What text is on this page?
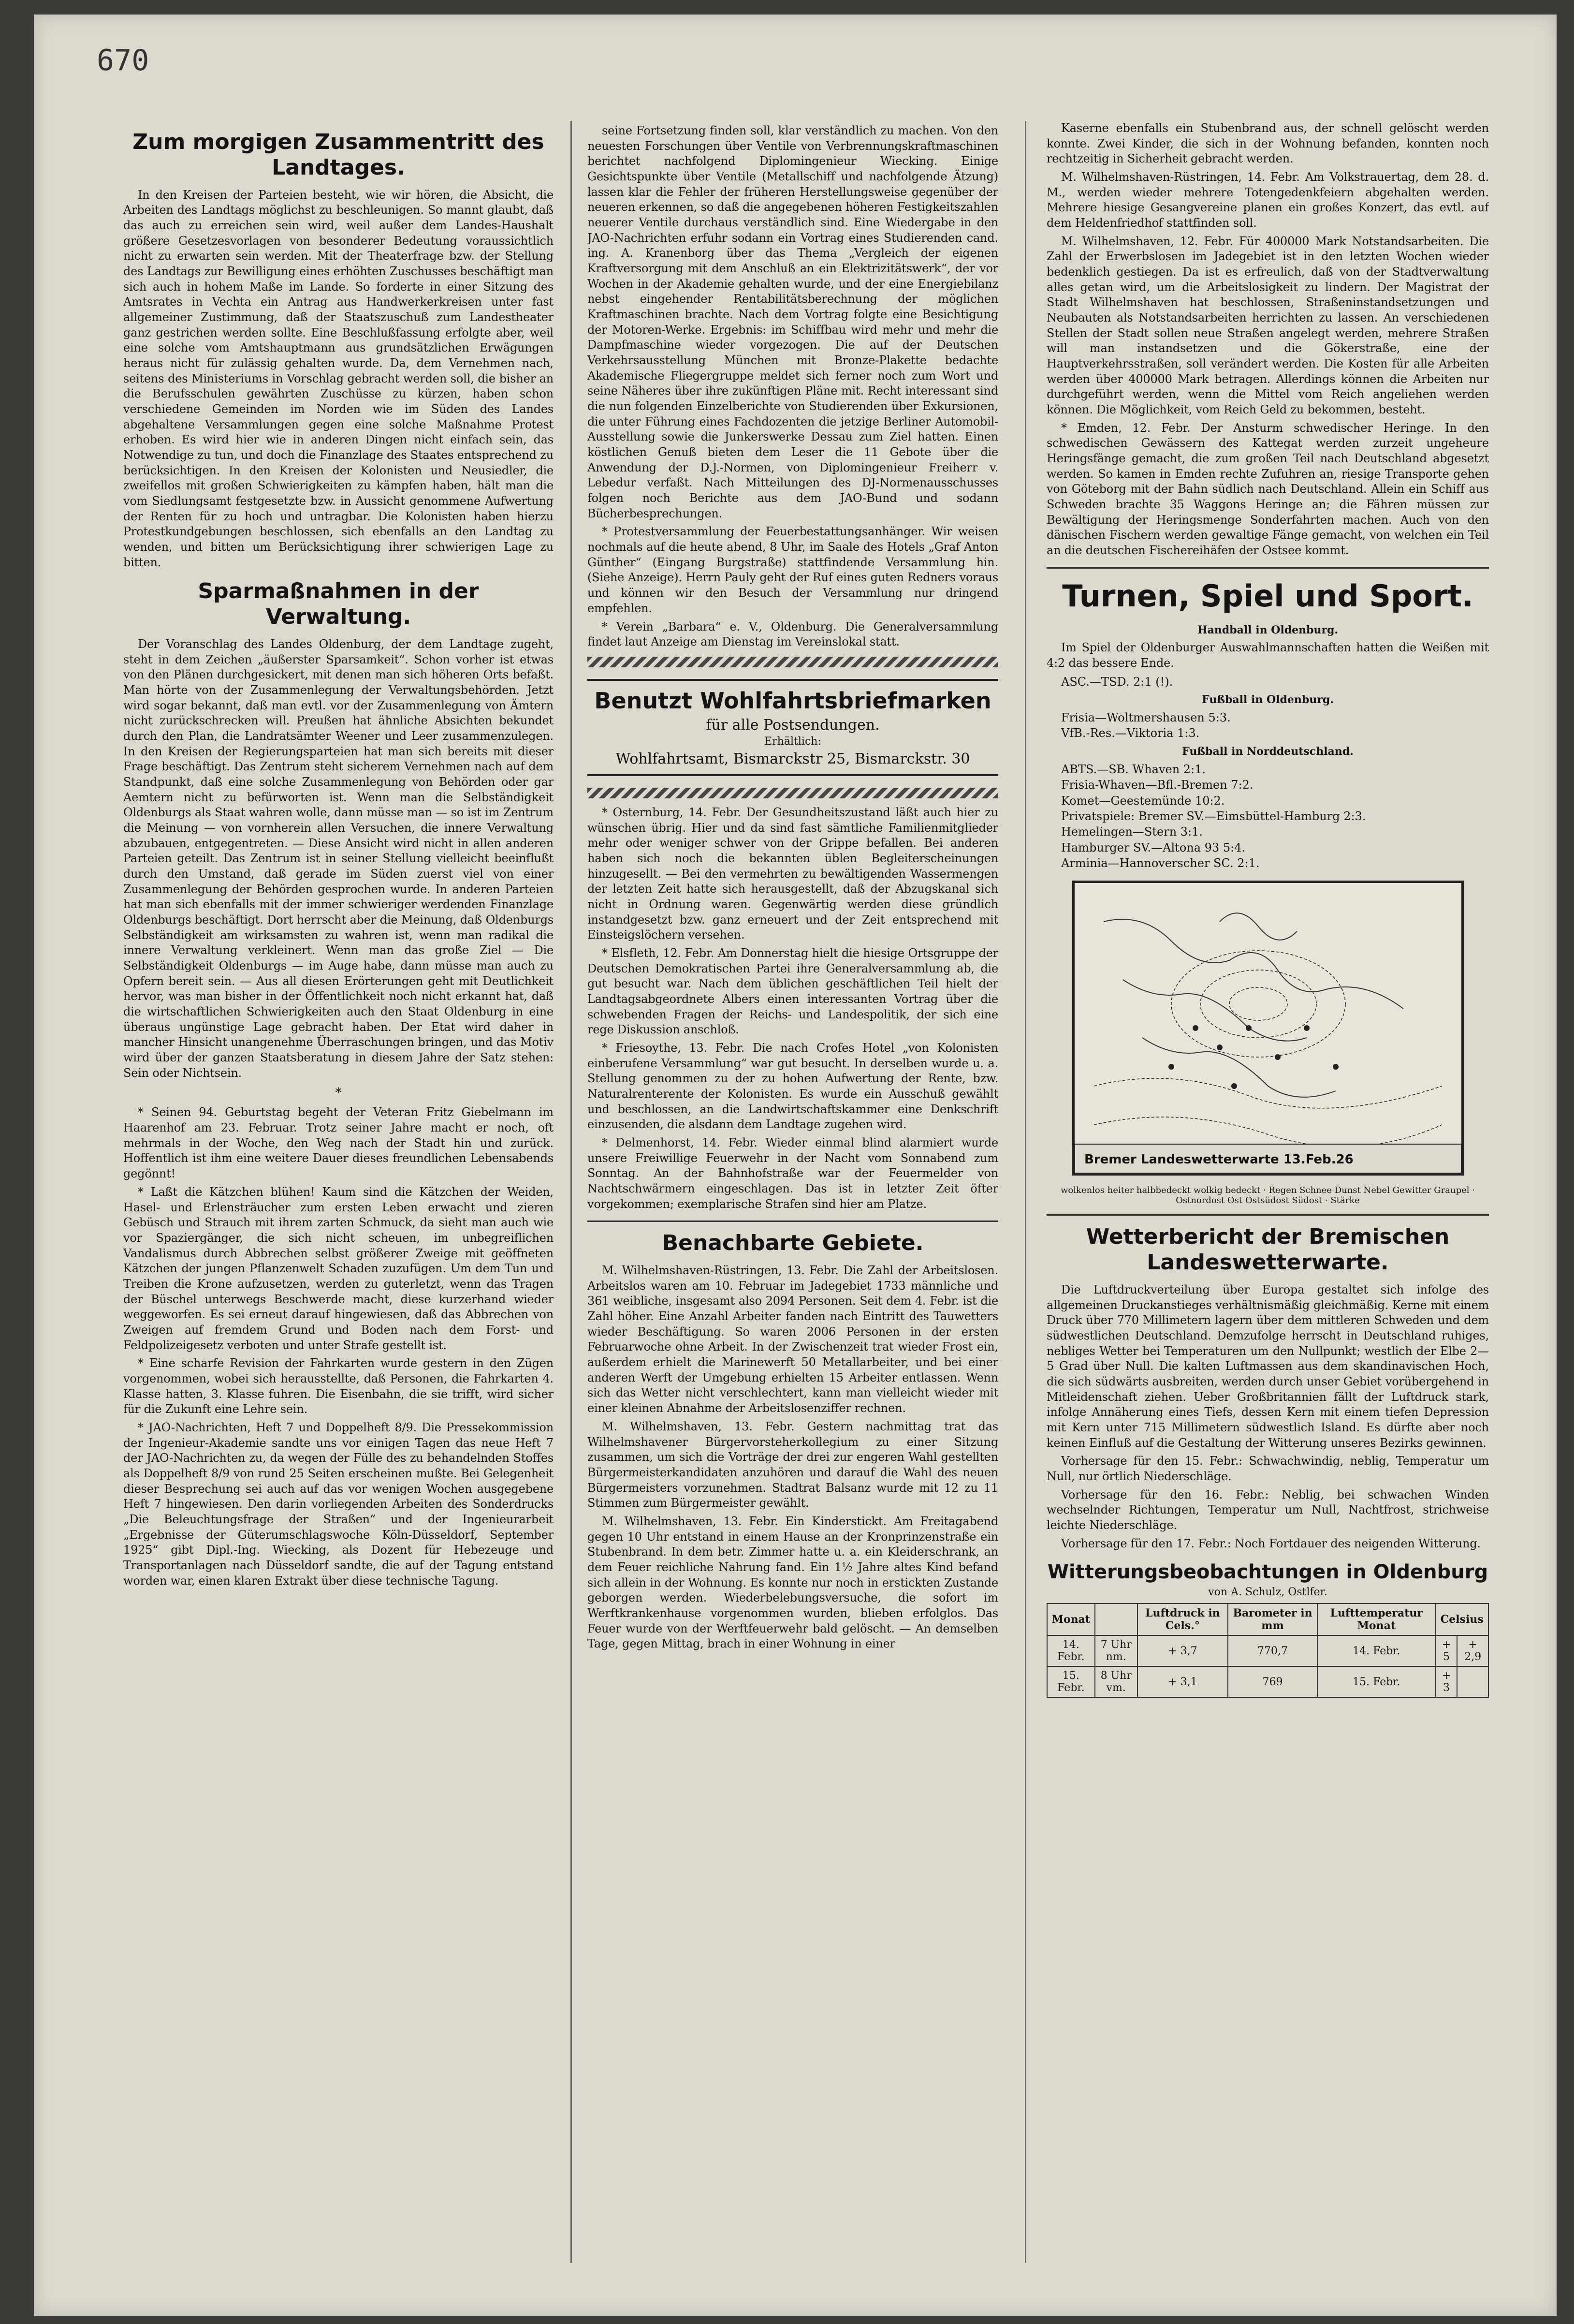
670
Zum morgigen Zusammentritt des Landtages.

In den Kreisen der Parteien besteht, wie wir hören, die Absicht, die Arbeiten des Landtags möglichst zu beschleunigen. So mannt glaubt, daß das auch zu erreichen sein wird, weil außer dem Landes-Haushalt größere Gesetzesvorlagen von besonderer Bedeutung voraussichtlich nicht zu erwarten sein werden. Mit der Theaterfrage bzw. der Stellung des Landtags zur Bewilligung eines erhöhten Zuschusses beschäftigt man sich auch in hohem Maße im Lande. So forderte in einer Sitzung des Amtsrates in Vechta ein Antrag aus Handwerkerkreisen unter fast allgemeiner Zustimmung, daß der Staatszuschuß zum Landestheater ganz gestrichen werden sollte. Eine Beschlußfassung erfolgte aber, weil eine solche vom Amtshauptmann aus grundsätzlichen Erwägungen heraus nicht für zulässig gehalten wurde. Da, dem Vernehmen nach, seitens des Ministeriums in Vorschlag gebracht werden soll, die bisher an die Berufsschulen gewährten Zuschüsse zu kürzen, haben schon verschiedene Gemeinden im Norden wie im Süden des Landes abgehaltene Versammlungen gegen eine solche Maßnahme Protest erhoben. Es wird hier wie in anderen Dingen nicht einfach sein, das Notwendige zu tun, und doch die Finanzlage des Staates entsprechend zu berücksichtigen. In den Kreisen der Kolonisten und Neusiedler, die zweifellos mit großen Schwierigkeiten zu kämpfen haben, hält man die vom Siedlungsamt festgesetzte bzw. in Aussicht genommene Aufwertung der Renten für zu hoch und untragbar. Die Kolonisten haben hierzu Protestkundgebungen beschlossen, sich ebenfalls an den Landtag zu wenden, und bitten um Berücksichtigung ihrer schwierigen Lage zu bitten.

Sparmaßnahmen in der Verwaltung.

Der Voranschlag des Landes Oldenburg, der dem Landtage zugeht, steht in dem Zeichen „äußerster Sparsamkeit“. Schon vorher ist etwas von den Plänen durchgesickert, mit denen man sich höheren Orts befaßt. Man hörte von der Zusammenlegung der Verwaltungsbehörden. Jetzt wird sogar bekannt, daß man evtl. vor der Zusammenlegung von Ämtern nicht zurückschrecken will. Preußen hat ähnliche Absichten bekundet durch den Plan, die Landratsämter Weener und Leer zusammenzulegen. In den Kreisen der Regierungsparteien hat man sich bereits mit dieser Frage beschäftigt. Das Zentrum steht sicherem Vernehmen nach auf dem Standpunkt, daß eine solche Zusammenlegung von Behörden oder gar Aemtern nicht zu befürworten ist. Wenn man die Selbständigkeit Oldenburgs als Staat wahren wolle, dann müsse man — so ist im Zentrum die Meinung — von vornherein allen Versuchen, die innere Verwaltung abzubauen, entgegentreten. — Diese Ansicht wird nicht in allen anderen Parteien geteilt. Das Zentrum ist in seiner Stellung vielleicht beeinflußt durch den Umstand, daß gerade im Süden zuerst viel von einer Zusammenlegung der Behörden gesprochen wurde. In anderen Parteien hat man sich ebenfalls mit der immer schwieriger werdenden Finanzlage Oldenburgs beschäftigt. Dort herrscht aber die Meinung, daß Oldenburgs Selbständigkeit am wirksamsten zu wahren ist, wenn man radikal die innere Verwaltung verkleinert. Wenn man das große Ziel — Die Selbständigkeit Oldenburgs — im Auge habe, dann müsse man auch zu Opfern bereit sein. — Aus all diesen Erörterungen geht mit Deutlichkeit hervor, was man bisher in der Öffentlichkeit noch nicht erkannt hat, daß die wirtschaftlichen Schwierigkeiten auch den Staat Oldenburg in eine überaus ungünstige Lage gebracht haben. Der Etat wird daher in mancher Hinsicht unangenehme Überraschungen bringen, und das Motiv wird über der ganzen Staatsberatung in diesem Jahre der Satz stehen: Sein oder Nichtsein.

*

* Seinen 94. Geburtstag begeht der Veteran Fritz Giebelmann im Haarenhof am 23. Februar. Trotz seiner Jahre macht er noch, oft mehrmals in der Woche, den Weg nach der Stadt hin und zurück. Hoffentlich ist ihm eine weitere Dauer dieses freundlichen Lebensabends gegönnt!

* Laßt die Kätzchen blühen! Kaum sind die Kätzchen der Weiden, Hasel- und Erlensträucher zum ersten Leben erwacht und zieren Gebüsch und Strauch mit ihrem zarten Schmuck, da sieht man auch wie vor Spaziergänger, die sich nicht scheuen, im unbegreiflichen Vandalismus durch Abbrechen selbst größerer Zweige mit geöffneten Kätzchen der jungen Pflanzenwelt Schaden zuzufügen. Um dem Tun und Treiben die Krone aufzusetzen, werden zu guterletzt, wenn das Tragen der Büschel unterwegs Beschwerde macht, diese kurzerhand wieder weggeworfen. Es sei erneut darauf hingewiesen, daß das Abbrechen von Zweigen auf fremdem Grund und Boden nach dem Forst- und Feldpolizeigesetz verboten und unter Strafe gestellt ist.

* Eine scharfe Revision der Fahrkarten wurde gestern in den Zügen vorgenommen, wobei sich herausstellte, daß Personen, die Fahrkarten 4. Klasse hatten, 3. Klasse fuhren. Die Eisenbahn, die sie trifft, wird sicher für die Zukunft eine Lehre sein.

* JAO-Nachrichten, Heft 7 und Doppelheft 8/9. Die Pressekommission der Ingenieur-Akademie sandte uns vor einigen Tagen das neue Heft 7 der JAO-Nachrichten zu, da wegen der Fülle des zu behandelnden Stoffes als Doppelheft 8/9 von rund 25 Seiten erscheinen mußte. Bei Gelegenheit dieser Besprechung sei auch auf das vor wenigen Wochen ausgegebene Heft 7 hingewiesen. Den darin vorliegenden Arbeiten des Sonderdrucks „Die Beleuchtungsfrage der Straßen“ und der Ingenieurarbeit „Ergebnisse der Güterumschlagswoche Köln-Düsseldorf, September 1925“ gibt Dipl.-Ing. Wiecking, als Dozent für Hebezeuge und Transportanlagen nach Düsseldorf sandte, die auf der Tagung entstand worden war, einen klaren Extrakt über diese technische Tagung.

seine Fortsetzung finden soll, klar verständlich zu machen. Von den neuesten Forschungen über Ventile von Verbrennungskraftmaschinen berichtet nachfolgend Diplomingenieur Wiecking. Einige Gesichtspunkte über Ventile (Metallschiff und nachfolgende Ätzung) lassen klar die Fehler der früheren Herstellungsweise gegenüber der neueren erkennen, so daß die angegebenen höheren Festigkeitszahlen neuerer Ventile durchaus verständlich sind. Eine Wiedergabe in den JAO-Nachrichten erfuhr sodann ein Vortrag eines Studierenden cand. ing. A. Kranenborg über das Thema „Vergleich der eigenen Kraftversorgung mit dem Anschluß an ein Elektrizitätswerk“, der vor Wochen in der Akademie gehalten wurde, und der eine Energiebilanz nebst eingehender Rentabilitätsberechnung der möglichen Kraftmaschinen brachte. Nach dem Vortrag folgte eine Besichtigung der Motoren-Werke. Ergebnis: im Schiffbau wird mehr und mehr die Dampfmaschine wieder vorgezogen. Die auf der Deutschen Verkehrsausstellung München mit Bronze-Plakette bedachte Akademische Fliegergruppe meldet sich ferner noch zum Wort und seine Näheres über ihre zukünftigen Pläne mit. Recht interessant sind die nun folgenden Einzelberichte von Studierenden über Exkursionen, die unter Führung eines Fachdozenten die jetzige Berliner Automobil-Ausstellung sowie die Junkerswerke Dessau zum Ziel hatten. Einen köstlichen Genuß bieten dem Leser die 11 Gebote über die Anwendung der D.J.-Normen, von Diplomingenieur Freiherr v. Lebedur verfaßt. Nach Mitteilungen des DJ-Normenausschusses folgen noch Berichte aus dem JAO-Bund und sodann Bücherbesprechungen.

* Protestversammlung der Feuerbestattungsanhänger. Wir weisen nochmals auf die heute abend, 8 Uhr, im Saale des Hotels „Graf Anton Günther“ (Eingang Burgstraße) stattfindende Versammlung hin. (Siehe Anzeige). Herrn Pauly geht der Ruf eines guten Redners voraus und können wir den Besuch der Versammlung nur dringend empfehlen.

* Verein „Barbara“ e. V., Oldenburg. Die Generalversammlung findet laut Anzeige am Dienstag im Vereinslokal statt.

Benutzt Wohlfahrtsbriefmarken
für alle Postsendungen.
Erhältlich:
Wohlfahrtsamt, Bismarckstr 25, Bismarckstr. 30

* Osternburg, 14. Febr. Der Gesundheitszustand läßt auch hier zu wünschen übrig. Hier und da sind fast sämtliche Familienmitglieder mehr oder weniger schwer von der Grippe befallen. Bei anderen haben sich noch die bekannten üblen Begleiterscheinungen hinzugesellt. — Bei den vermehrten zu bewältigenden Wassermengen der letzten Zeit hatte sich herausgestellt, daß der Abzugskanal sich nicht in Ordnung waren. Gegenwärtig werden diese gründlich instandgesetzt bzw. ganz erneuert und der Zeit entsprechend mit Einsteigslöchern versehen.

* Elsfleth, 12. Febr. Am Donnerstag hielt die hiesige Ortsgruppe der Deutschen Demokratischen Partei ihre Generalversammlung ab, die gut besucht war. Nach dem üblichen geschäftlichen Teil hielt der Landtagsabgeordnete Albers einen interessanten Vortrag über die schwebenden Fragen der Reichs- und Landespolitik, der sich eine rege Diskussion anschloß.

* Friesoythe, 13. Febr. Die nach Crofes Hotel „von Kolonisten einberufene Versammlung“ war gut besucht. In derselben wurde u. a. Stellung genommen zu der zu hohen Aufwertung der Rente, bzw. Naturalrenterente der Kolonisten. Es wurde ein Ausschuß gewählt und beschlossen, an die Landwirtschaftskammer eine Denkschrift einzusenden, die alsdann dem Landtage zugehen wird.

* Delmenhorst, 14. Febr. Wieder einmal blind alarmiert wurde unsere Freiwillige Feuerwehr in der Nacht vom Sonnabend zum Sonntag. An der Bahnhofstraße war der Feuermelder von Nachtschwärmern eingeschlagen. Das ist in letzter Zeit öfter vorgekommen; exemplarische Strafen sind hier am Platze.

Benachbarte Gebiete.

M. Wilhelmshaven-Rüstringen, 13. Febr. Die Zahl der Arbeitslosen. Arbeitslos waren am 10. Februar im Jadegebiet 1733 männliche und 361 weibliche, insgesamt also 2094 Personen. Seit dem 4. Febr. ist die Zahl höher. Eine Anzahl Arbeiter fanden nach Eintritt des Tauwetters wieder Beschäftigung. So waren 2006 Personen in der ersten Februarwoche ohne Arbeit. In der Zwischenzeit trat wieder Frost ein, außerdem erhielt die Marinewerft 50 Metallarbeiter, und bei einer anderen Werft der Umgebung erhielten 15 Arbeiter entlassen. Wenn sich das Wetter nicht verschlechtert, kann man vielleicht wieder mit einer kleinen Abnahme der Arbeitslosenziffer rechnen.

M. Wilhelmshaven, 13. Febr. Gestern nachmittag trat das Wilhelmshavener Bürgervorsteherkollegium zu einer Sitzung zusammen, um sich die Vorträge der drei zur engeren Wahl gestellten Bürgermeisterkandidaten anzuhören und darauf die Wahl des neuen Bürgermeisters vorzunehmen. Stadtrat Balsanz wurde mit 12 zu 11 Stimmen zum Bürgermeister gewählt.

M. Wilhelmshaven, 13. Febr. Ein Kinderstickt. Am Freitagabend gegen 10 Uhr entstand in einem Hause an der Kronprinzenstraße ein Stubenbrand. In dem betr. Zimmer hatte u. a. ein Kleiderschrank, an dem Feuer reichliche Nahrung fand. Ein 1½ Jahre altes Kind befand sich allein in der Wohnung. Es konnte nur noch in erstickten Zustande geborgen werden. Wiederbelebungsversuche, die sofort im Werftkrankenhause vorgenommen wurden, blieben erfolglos. Das Feuer wurde von der Werftfeuerwehr bald gelöscht. — An demselben Tage, gegen Mittag, brach in einer Wohnung in einer

Kaserne ebenfalls ein Stubenbrand aus, der schnell gelöscht werden konnte. Zwei Kinder, die sich in der Wohnung befanden, konnten noch rechtzeitig in Sicherheit gebracht werden.

M. Wilhelmshaven-Rüstringen, 14. Febr. Am Volkstrauertag, dem 28. d. M., werden wieder mehrere Totengedenkfeiern abgehalten werden. Mehrere hiesige Gesangvereine planen ein großes Konzert, das evtl. auf dem Heldenfriedhof stattfinden soll.

M. Wilhelmshaven, 12. Febr. Für 400000 Mark Notstandsarbeiten. Die Zahl der Erwerbslosen im Jadegebiet ist in den letzten Wochen wieder bedenklich gestiegen. Da ist es erfreulich, daß von der Stadtverwaltung alles getan wird, um die Arbeitslosigkeit zu lindern. Der Magistrat der Stadt Wilhelmshaven hat beschlossen, Straßeninstandsetzungen und Neubauten als Notstandsarbeiten herrichten zu lassen. An verschiedenen Stellen der Stadt sollen neue Straßen angelegt werden, mehrere Straßen will man instandsetzen und die Gökerstraße, eine der Hauptverkehrsstraßen, soll verändert werden. Die Kosten für alle Arbeiten werden über 400000 Mark betragen. Allerdings können die Arbeiten nur durchgeführt werden, wenn die Mittel vom Reich angeliehen werden können. Die Möglichkeit, vom Reich Geld zu bekommen, besteht.

* Emden, 12. Febr. Der Ansturm schwedischer Heringe. In den schwedischen Gewässern des Kattegat werden zurzeit ungeheure Heringsfänge gemacht, die zum großen Teil nach Deutschland abgesetzt werden. So kamen in Emden rechte Zufuhren an, riesige Transporte gehen von Göteborg mit der Bahn südlich nach Deutschland. Allein ein Schiff aus Schweden brachte 35 Waggons Heringe an; die Fähren müssen zur Bewältigung der Heringsmenge Sonderfahrten machen. Auch von den dänischen Fischern werden gewaltige Fänge gemacht, von welchen ein Teil an die deutschen Fischereihäfen der Ostsee kommt.

Turnen, Spiel und Sport.
Handball in Oldenburg.

Im Spiel der Oldenburger Auswahlmannschaften hatten die Weißen mit 4:2 das bessere Ende.

ASC.—TSD. 2:1 (!).
Fußball in Oldenburg.
Frisia—Woltmershausen 5:3.
VfB.-Res.—Viktoria 1:3.
Fußball in Norddeutschland.
ABTS.—SB. Whaven 2:1.
Frisia-Whaven—Bfl.-Bremen 7:2.
Komet—Geestemünde 10:2.
Privatspiele: Bremer SV.—Eimsbüttel-Hamburg 2:3.
Hemelingen—Stern 3:1.
Hamburger SV.—Altona 93 5:4.
Arminia—Hannoverscher SC. 2:1.
Bremer Landeswetterwarte 13.Feb.26
wolkenlos heiter halbbedeckt wolkig bedeckt · Regen Schnee Dunst Nebel Gewitter Graupel · Ostnordost Ost Ostsüdost Südost · Stärke
Wetterbericht der Bremischen Landeswetterwarte.

Die Luftdruckverteilung über Europa gestaltet sich infolge des allgemeinen Druckanstieges verhältnismäßig gleichmäßig. Kerne mit einem Druck über 770 Millimetern lagern über dem mittleren Schweden und dem südwestlichen Deutschland. Demzufolge herrscht in Deutschland ruhiges, nebliges Wetter bei Temperaturen um den Nullpunkt; westlich der Elbe 2—5 Grad über Null. Die kalten Luftmassen aus dem skandinavischen Hoch, die sich südwärts ausbreiten, werden durch unser Gebiet vorübergehend in Mitleidenschaft ziehen. Ueber Großbritannien fällt der Luftdruck stark, infolge Annäherung eines Tiefs, dessen Kern mit einem tiefen Depression mit Kern unter 715 Millimetern südwestlich Island. Es dürfte aber noch keinen Einfluß auf die Gestaltung der Witterung unseres Bezirks gewinnen.

Vorhersage für den 15. Febr.: Schwachwindig, neblig, Temperatur um Null, nur örtlich Niederschläge.

Vorhersage für den 16. Febr.: Neblig, bei schwachen Winden wechselnder Richtungen, Temperatur um Null, Nachtfrost, strichweise leichte Niederschläge.

Vorhersage für den 17. Febr.: Noch Fortdauer des neigenden Witterung.

Witterungsbeobachtungen in Oldenburg
von A. Schulz, Ostlfer.
Monat		Luftdruck in Cels.°	Barometer in mm	Lufttemperatur Monat	Celsius	
14. Febr.	7 Uhr nm.	+ 3,7	770,7	14. Febr.	+ 5	+ 2,9
15. Febr.	8 Uhr vm.	+ 3,1	769	15. Febr.	+ 3	
